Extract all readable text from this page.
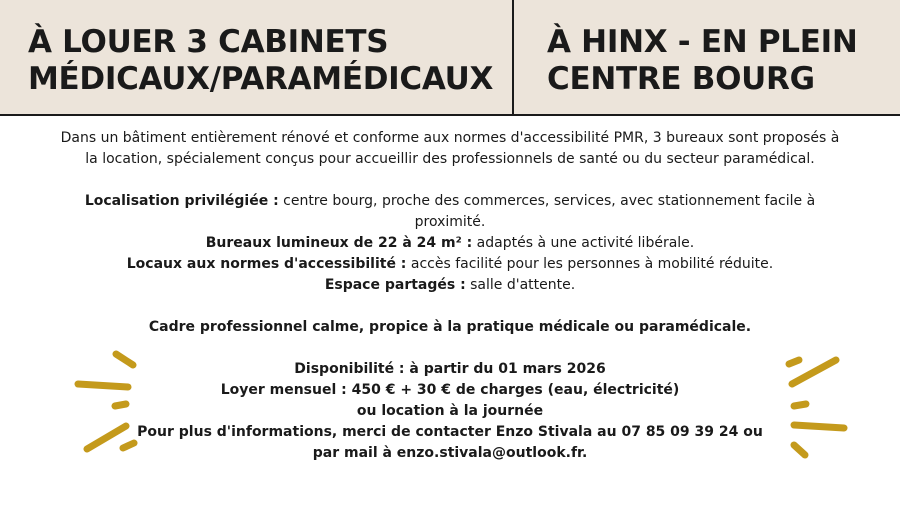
À LOUER 3 CABINETS
MÉDICAUX/PARAMÉDICAUX
À HINX - EN PLEIN
CENTRE BOURG

Dans un bâtiment entièrement rénové et conforme aux normes d'accessibilité PMR, 3 bureaux sont proposés à la location, spécialement conçus pour accueillir des professionnels de santé ou du secteur paramédical.

Localisation privilégiée : centre bourg, proche des commerces, services, avec stationnement facile à proximité.

Bureaux lumineux de 22 à 24 m² : adaptés à une activité libérale.

Locaux aux normes d'accessibilité : accès facilité pour les personnes à mobilité réduite.

Espace partagés : salle d'attente.

Cadre professionnel calme, propice à la pratique médicale ou paramédicale.

Disponibilité : à partir du 01 mars 2026

Loyer mensuel : 450 € + 30 € de charges (eau, électricité)

ou location à la journée

Pour plus d'informations, merci de contacter Enzo Stivala au 07 85 09 39 24 ou

par mail à enzo.stivala@outlook.fr.
